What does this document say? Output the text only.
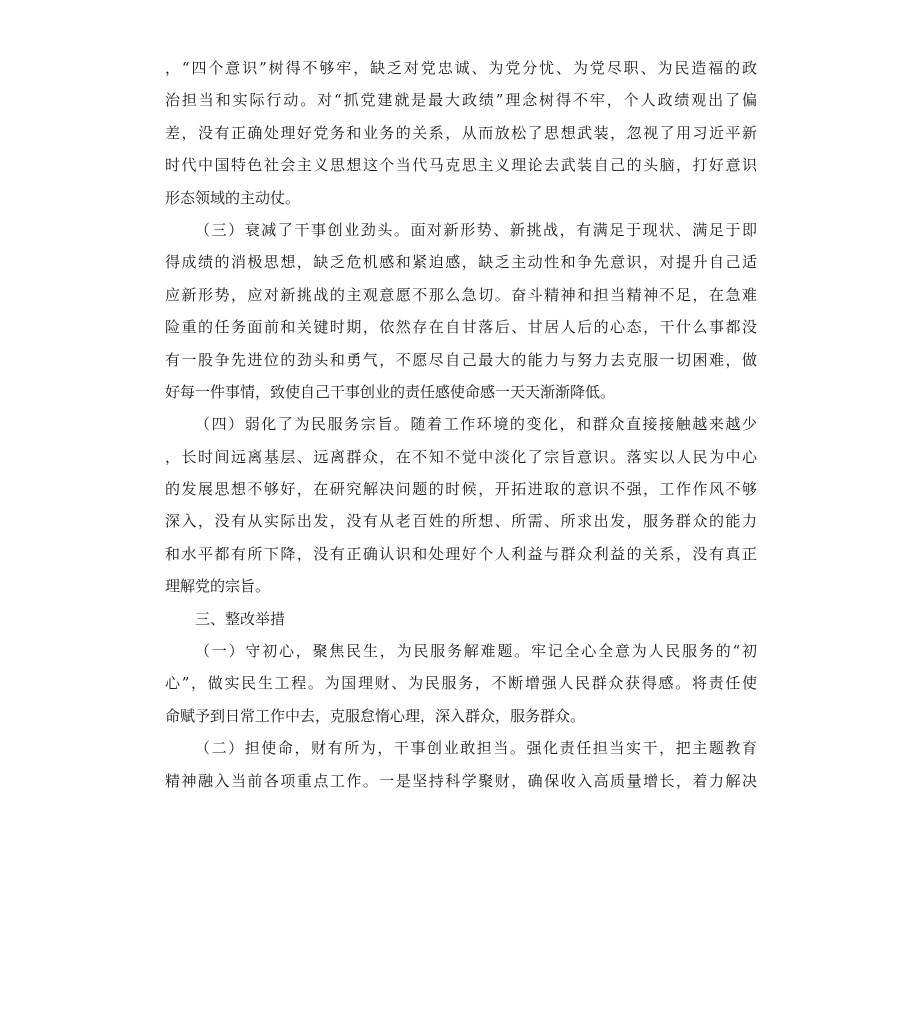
，“四个意识”树得不够牢，缺乏对党忠诚、为党分忧、为党尽职、为民造福的政
治担当和实际行动。对“抓党建就是最大政绩”理念树得不牢，个人政绩观出了偏
差，没有正确处理好党务和业务的关系，从而放松了思想武装，忽视了用习近平新
时代中国特色社会主义思想这个当代马克思主义理论去武装自己的头脑，打好意识
形态领域的主动仗。
（三）衰减了干事创业劲头。面对新形势、新挑战，有满足于现状、满足于即
得成绩的消极思想，缺乏危机感和紧迫感，缺乏主动性和争先意识，对提升自己适
应新形势，应对新挑战的主观意愿不那么急切。奋斗精神和担当精神不足，在急难
险重的任务面前和关键时期，依然存在自甘落后、甘居人后的心态，干什么事都没
有一股争先进位的劲头和勇气，不愿尽自己最大的能力与努力去克服一切困难，做
好每一件事情，致使自己干事创业的责任感使命感一天天渐渐降低。
（四）弱化了为民服务宗旨。随着工作环境的变化，和群众直接接触越来越少
，长时间远离基层、远离群众，在不知不觉中淡化了宗旨意识。落实以人民为中心
的发展思想不够好，在研究解决问题的时候，开拓进取的意识不强，工作作风不够
深入，没有从实际出发，没有从老百姓的所想、所需、所求出发，服务群众的能力
和水平都有所下降，没有正确认识和处理好个人利益与群众利益的关系，没有真正
理解党的宗旨。
三、整改举措
（一）守初心，聚焦民生，为民服务解难题。牢记全心全意为人民服务的“初
心”，做实民生工程。为国理财、为民服务，不断增强人民群众获得感。将责任使
命赋予到日常工作中去，克服怠惰心理，深入群众，服务群众。
（二）担使命，财有所为，干事创业敢担当。强化责任担当实干，把主题教育
精神融入当前各项重点工作。一是坚持科学聚财，确保收入高质量增长，着力解决
